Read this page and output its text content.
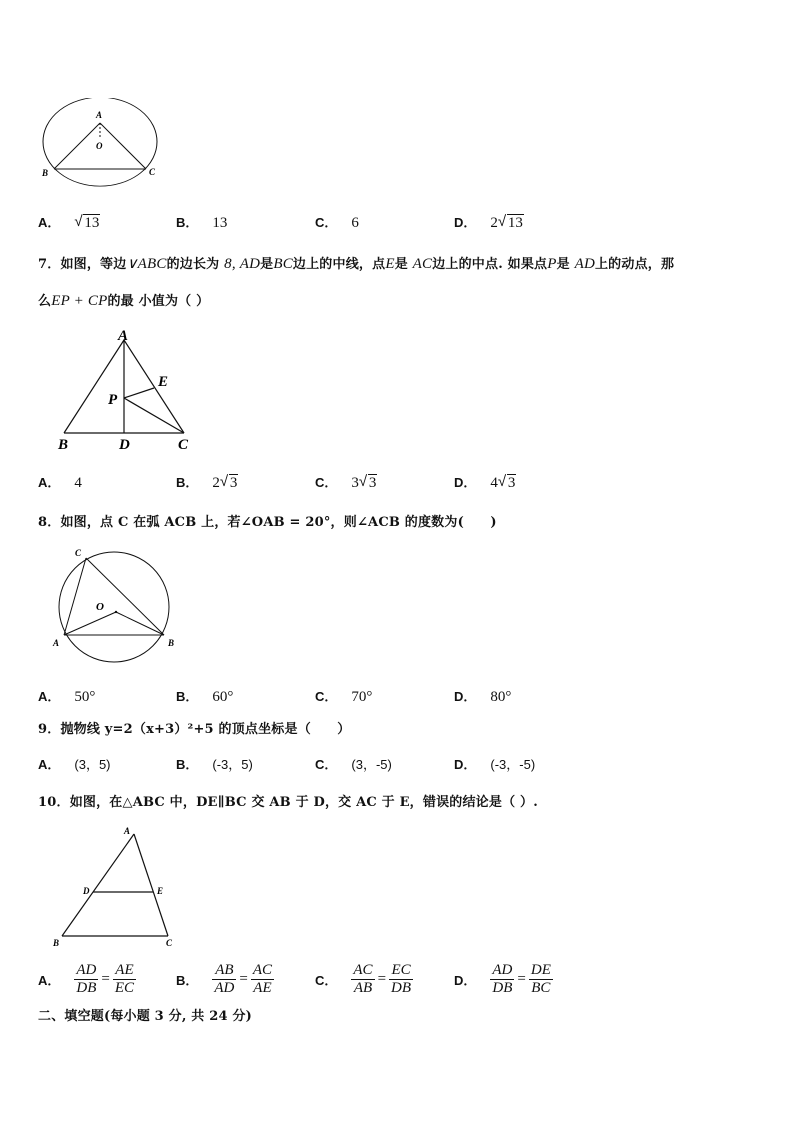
A
O
B	C
A． √ 13	B． 13	C． 6	D． 2 √ 13
7．如图，等边∨ABC的边长为 8, AD是BC边上的中线，点E是 AC边上的中点. 如果点P是 AD上的动点，那
么EP + CP的最 小值为（ ）
A
E
P
B	D	C
A． 4	B． 2 √ 3	C． 3 √ 3	D． 4 √ 3
8．如图，点 C 在弧 ACB 上，若∠OAB = 20°，则∠ACB 的度数为(　　)
C
O
A	B
A． 50°	B． 60°	C． 70°	D． 80°
9．抛物线 y=2（x+3）²+5 的顶点坐标是（　　）
A． (3，5)	B． (-3，5)	C． (3，-5)	D． (-3，-5)
10．如图，在△ABC 中，DE∥BC 交 AB 于 D，交 AC 于 E，错误的结论是（ ）.
A
D	E
B	C
A． $\frac{AD}{DB} = \frac{AE}{EC}$	B． $\frac{AB}{AD} = \frac{AC}{AE}$	C． $\frac{AC}{AB} = \frac{EC}{DB}$	D． $\frac{AD}{DB} = \frac{DE}{BC}$
二、填空题(每小题 3 分, 共 24 分)
